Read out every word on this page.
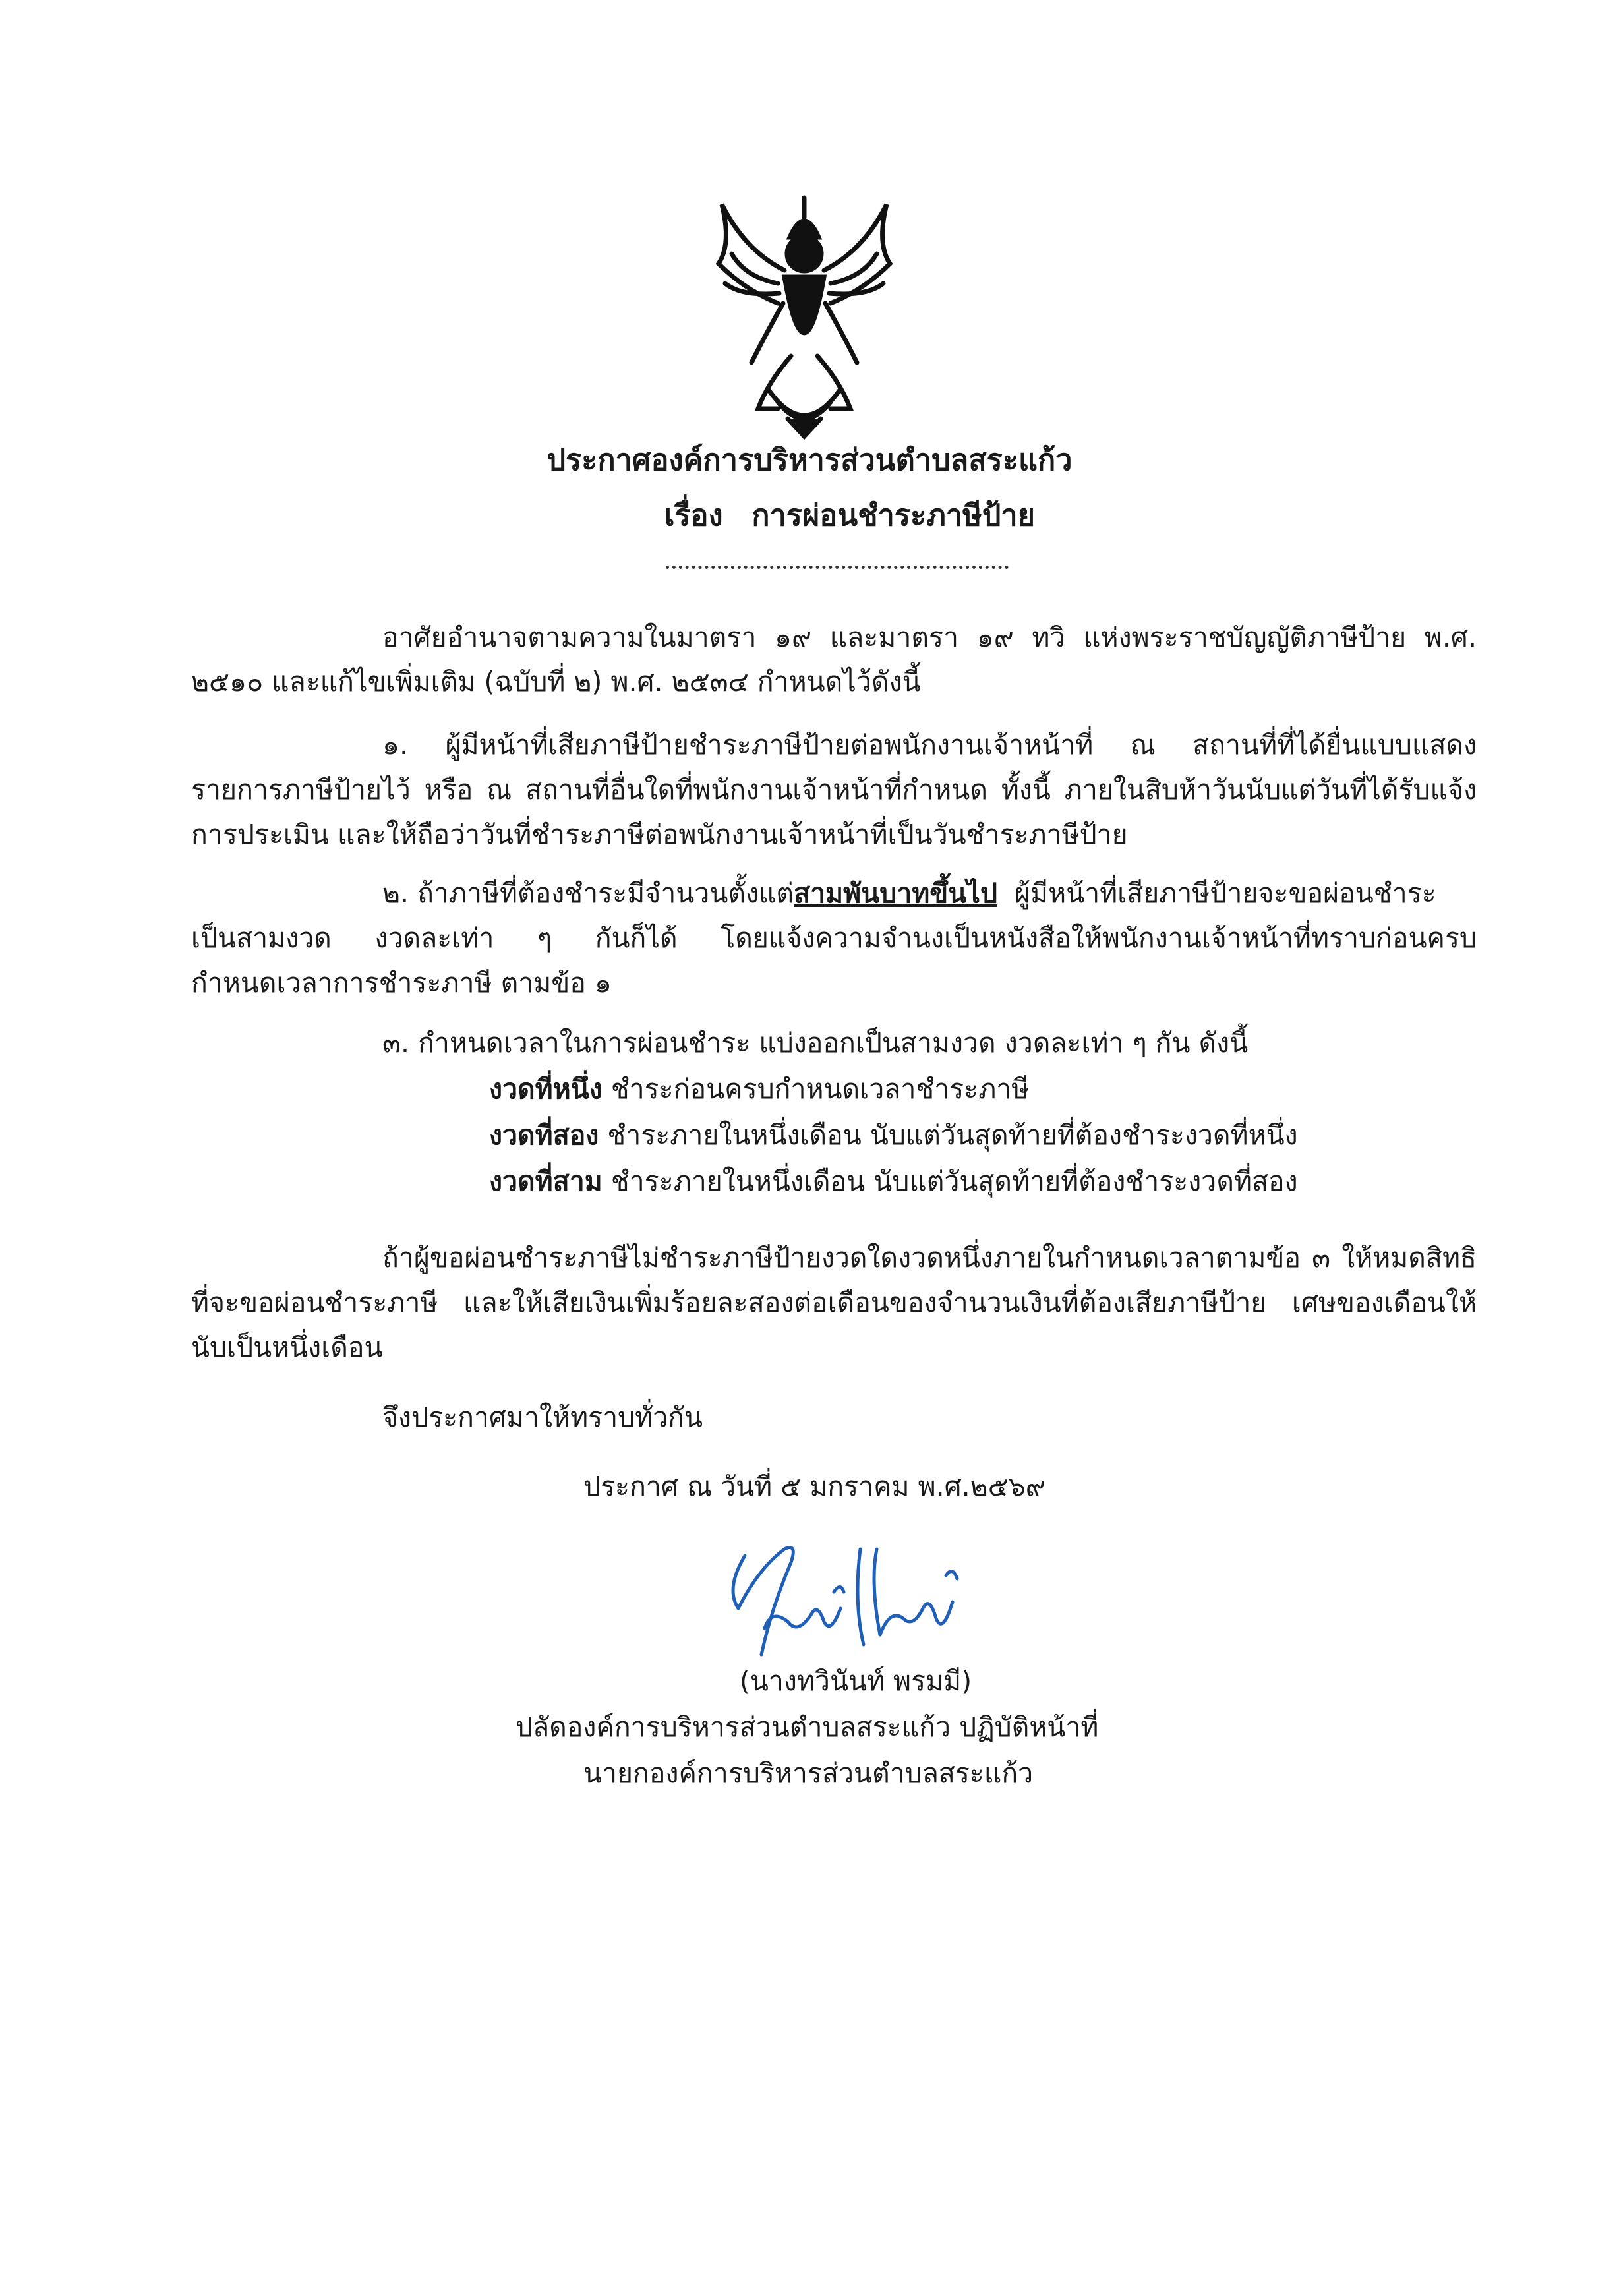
ประกาศองค์การบริหารส่วนตำบลสระแก้ว
เรื่อง การผ่อนชำระภาษีป้าย
อาศัยอำนาจตามความในมาตรา ๑๙ และมาตรา ๑๙ ทวิ แห่งพระราชบัญญัติภาษีป้าย พ.ศ.
๒๕๑๐ และแก้ไขเพิ่มเติม (ฉบับที่ ๒) พ.ศ. ๒๕๓๔ กำหนดไว้ดังนี้
๑. ผู้มีหน้าที่เสียภาษีป้ายชำระภาษีป้ายต่อพนักงานเจ้าหน้าที่ ณ สถานที่ที่ได้ยื่นแบบแสดง
รายการภาษีป้ายไว้ หรือ ณ สถานที่อื่นใดที่พนักงานเจ้าหน้าที่กำหนด ทั้งนี้ ภายในสิบห้าวันนับแต่วันที่ได้รับแจ้ง
การประเมิน และให้ถือว่าวันที่ชำระภาษีต่อพนักงานเจ้าหน้าที่เป็นวันชำระภาษีป้าย
๒. ถ้าภาษีที่ต้องชำระมีจำนวนตั้งแต่สามพันบาทขึ้นไป  ผู้มีหน้าที่เสียภาษีป้ายจะขอผ่อนชำระ
เป็นสามงวด งวดละเท่า ๆ กันก็ได้ โดยแจ้งความจำนงเป็นหนังสือให้พนักงานเจ้าหน้าที่ทราบก่อนครบ
กำหนดเวลาการชำระภาษี ตามข้อ ๑
๓. กำหนดเวลาในการผ่อนชำระ แบ่งออกเป็นสามงวด งวดละเท่า ๆ กัน ดังนี้
งวดที่หนึ่ง ชำระก่อนครบกำหนดเวลาชำระภาษี
งวดที่สอง ชำระภายในหนึ่งเดือน นับแต่วันสุดท้ายที่ต้องชำระงวดที่หนึ่ง
งวดที่สาม ชำระภายในหนึ่งเดือน นับแต่วันสุดท้ายที่ต้องชำระงวดที่สอง
ถ้าผู้ขอผ่อนชำระภาษีไม่ชำระภาษีป้ายงวดใดงวดหนึ่งภายในกำหนดเวลาตามข้อ ๓ ให้หมดสิทธิ
ที่จะขอผ่อนชำระภาษี และให้เสียเงินเพิ่มร้อยละสองต่อเดือนของจำนวนเงินที่ต้องเสียภาษีป้าย เศษของเดือนให้
นับเป็นหนึ่งเดือน
จึงประกาศมาให้ทราบทั่วกัน
ประกาศ ณ วันที่ ๕ มกราคม พ.ศ.๒๕๖๙
(นางทวินันท์ พรมมี)
ปลัดองค์การบริหารส่วนตำบลสระแก้ว ปฏิบัติหน้าที่
นายกองค์การบริหารส่วนตำบลสระแก้ว
